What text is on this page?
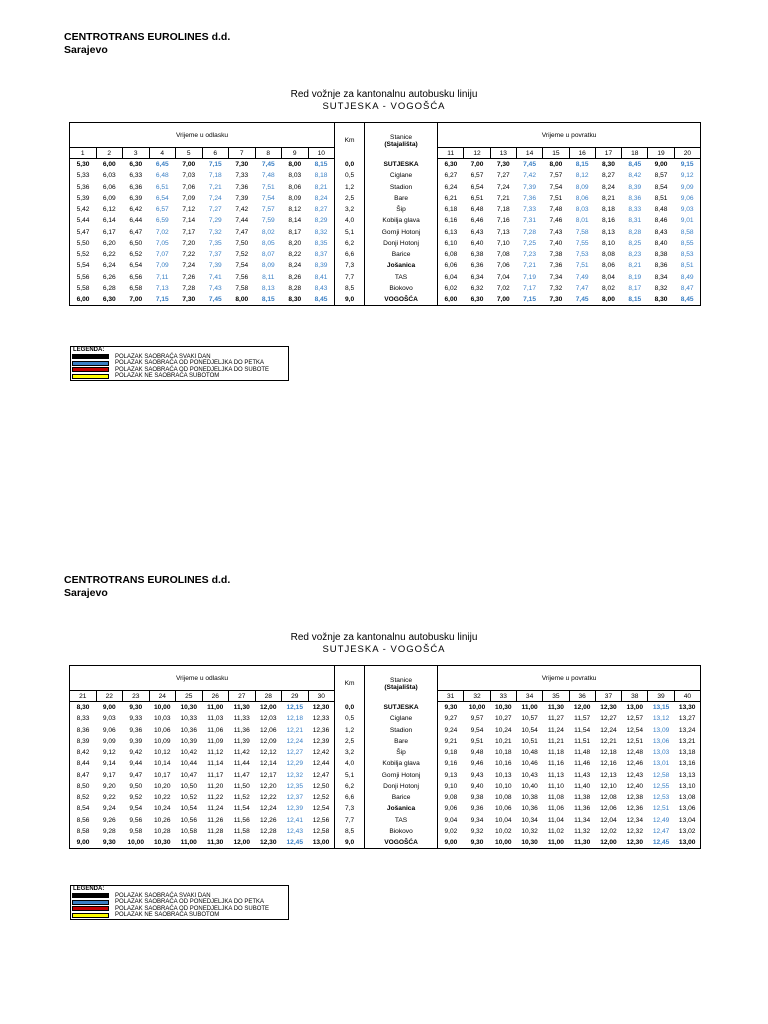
CENTROTRANS EUROLINES d.d.
Sarajevo
Red vožnje za kantonalnu autobusku liniju
SUTJESKA - VOGOŠĆA
Vrijeme u odlasku										Km	Stanice
(Stajališta)	Vrijeme u povratku									
1	2	3	4	5	6	7	8	9	10			11	12	13	14	15	16	17	18	19	20
5,30	6,00	6,30	6,45	7,00	7,15	7,30	7,45	8,00	8,15	0,0	SUTJESKA	6,30	7,00	7,30	7,45	8,00	8,15	8,30	8,45	9,00	9,15
5,33	6,03	6,33	6,48	7,03	7,18	7,33	7,48	8,03	8,18	0,5	Ciglane	6,27	6,57	7,27	7,42	7,57	8,12	8,27	8,42	8,57	9,12
5,36	6,06	6,36	6,51	7,06	7,21	7,36	7,51	8,06	8,21	1,2	Stadion	6,24	6,54	7,24	7,39	7,54	8,09	8,24	8,39	8,54	9,09
5,39	6,09	6,39	6,54	7,09	7,24	7,39	7,54	8,09	8,24	2,5	Bare	6,21	6,51	7,21	7,36	7,51	8,06	8,21	8,36	8,51	9,06
5,42	6,12	6,42	6,57	7,12	7,27	7,42	7,57	8,12	8,27	3,2	Šip	6,18	6,48	7,18	7,33	7,48	8,03	8,18	8,33	8,48	9,03
5,44	6,14	6,44	6,59	7,14	7,29	7,44	7,59	8,14	8,29	4,0	Kobilja glava	6,16	6,46	7,16	7,31	7,46	8,01	8,16	8,31	8,46	9,01
5,47	6,17	6,47	7,02	7,17	7,32	7,47	8,02	8,17	8,32	5,1	Gornji Hotonj	6,13	6,43	7,13	7,28	7,43	7,58	8,13	8,28	8,43	8,58
5,50	6,20	6,50	7,05	7,20	7,35	7,50	8,05	8,20	8,35	6,2	Donji Hotonj	6,10	6,40	7,10	7,25	7,40	7,55	8,10	8,25	8,40	8,55
5,52	6,22	6,52	7,07	7,22	7,37	7,52	8,07	8,22	8,37	6,6	Barice	6,08	6,38	7,08	7,23	7,38	7,53	8,08	8,23	8,38	8,53
5,54	6,24	6,54	7,09	7,24	7,39	7,54	8,09	8,24	8,39	7,3	Jošanica	6,06	6,36	7,06	7,21	7,36	7,51	8,06	8,21	8,36	8,51
5,56	6,26	6,56	7,11	7,26	7,41	7,56	8,11	8,26	8,41	7,7	TAS	6,04	6,34	7,04	7,19	7,34	7,49	8,04	8,19	8,34	8,49
5,58	6,28	6,58	7,13	7,28	7,43	7,58	8,13	8,28	8,43	8,5	Biokovo	6,02	6,32	7,02	7,17	7,32	7,47	8,02	8,17	8,32	8,47
6,00	6,30	7,00	7,15	7,30	7,45	8,00	8,15	8,30	8,45	9,0	VOGOŠĆA	6,00	6,30	7,00	7,15	7,30	7,45	8,00	8,15	8,30	8,45
LEGENDA:
POLAZAK SAOBRAĆA SVAKI DAN
POLAZAK SAOBRAĆA OD PONEDJELJKA DO PETKA
POLAZAK SAOBRAĆA OD PONEDJELJKA DO SUBOTE
POLAZAK NE SAOBRAĆA SUBOTOM
CENTROTRANS EUROLINES d.d.
Sarajevo
Red vožnje za kantonalnu autobusku liniju
SUTJESKA - VOGOŠĆA
Vrijeme u odlasku										Km	Stanice
(Stajališta)	Vrijeme u povratku									
21	22	23	24	25	26	27	28	29	30			31	32	33	34	35	36	37	38	39	40
8,30	9,00	9,30	10,00	10,30	11,00	11,30	12,00	12,15	12,30	0,0	SUTJESKA	9,30	10,00	10,30	11,00	11,30	12,00	12,30	13,00	13,15	13,30
8,33	9,03	9,33	10,03	10,33	11,03	11,33	12,03	12,18	12,33	0,5	Ciglane	9,27	9,57	10,27	10,57	11,27	11,57	12,27	12,57	13,12	13,27
8,36	9,06	9,36	10,06	10,36	11,06	11,36	12,06	12,21	12,36	1,2	Stadion	9,24	9,54	10,24	10,54	11,24	11,54	12,24	12,54	13,09	13,24
8,39	9,09	9,39	10,09	10,39	11,09	11,39	12,09	12,24	12,39	2,5	Bare	9,21	9,51	10,21	10,51	11,21	11,51	12,21	12,51	13,06	13,21
8,42	9,12	9,42	10,12	10,42	11,12	11,42	12,12	12,27	12,42	3,2	Šip	9,18	9,48	10,18	10,48	11,18	11,48	12,18	12,48	13,03	13,18
8,44	9,14	9,44	10,14	10,44	11,14	11,44	12,14	12,29	12,44	4,0	Kobilja glava	9,16	9,46	10,16	10,46	11,16	11,46	12,16	12,46	13,01	13,16
8,47	9,17	9,47	10,17	10,47	11,17	11,47	12,17	12,32	12,47	5,1	Gornji Hotonj	9,13	9,43	10,13	10,43	11,13	11,43	12,13	12,43	12,58	13,13
8,50	9,20	9,50	10,20	10,50	11,20	11,50	12,20	12,35	12,50	6,2	Donji Hotonj	9,10	9,40	10,10	10,40	11,10	11,40	12,10	12,40	12,55	13,10
8,52	9,22	9,52	10,22	10,52	11,22	11,52	12,22	12,37	12,52	6,6	Barice	9,08	9,38	10,08	10,38	11,08	11,38	12,08	12,38	12,53	13,08
8,54	9,24	9,54	10,24	10,54	11,24	11,54	12,24	12,39	12,54	7,3	Jošanica	9,06	9,36	10,06	10,36	11,06	11,36	12,06	12,36	12,51	13,06
8,56	9,26	9,56	10,26	10,56	11,26	11,56	12,26	12,41	12,56	7,7	TAS	9,04	9,34	10,04	10,34	11,04	11,34	12,04	12,34	12,49	13,04
8,58	9,28	9,58	10,28	10,58	11,28	11,58	12,28	12,43	12,58	8,5	Biokovo	9,02	9,32	10,02	10,32	11,02	11,32	12,02	12,32	12,47	13,02
9,00	9,30	10,00	10,30	11,00	11,30	12,00	12,30	12,45	13,00	9,0	VOGOŠĆA	9,00	9,30	10,00	10,30	11,00	11,30	12,00	12,30	12,45	13,00
LEGENDA:
POLAZAK SAOBRAĆA SVAKI DAN
POLAZAK SAOBRAĆA OD PONEDJELJKA DO PETKA
POLAZAK SAOBRAĆA OD PONEDJELJKA DO SUBOTE
POLAZAK NE SAOBRAĆA SUBOTOM
